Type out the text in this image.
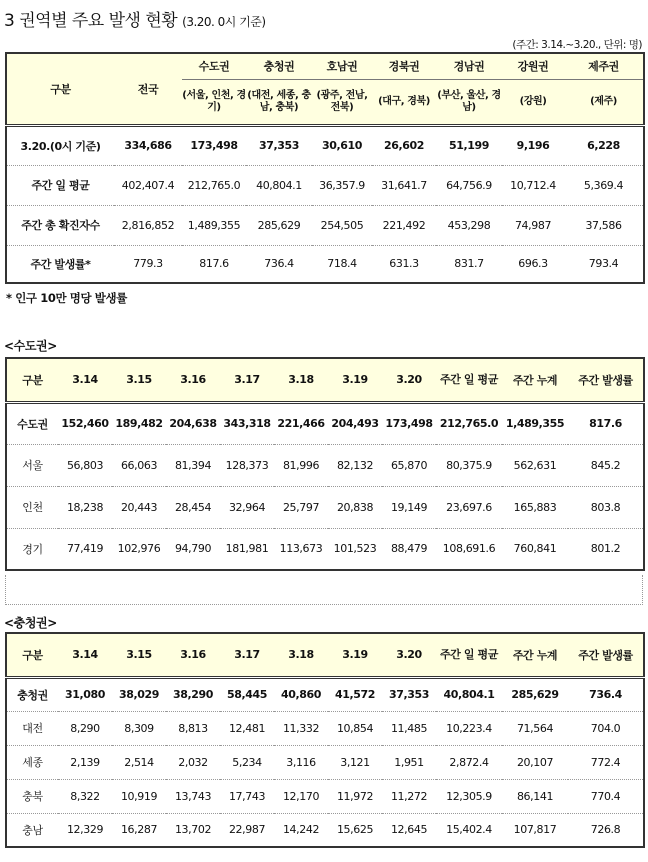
3 권역별 주요 발생 현황 (3.20. 0시 기준)
(주간: 3.14.~3.20., 단위: 명)
구분	전국	수도권	충청권	호남권	경북권	경남권	강원권	제주권
		(서울, 인천, 경기)	(대전, 세종, 충남, 충북)	(광주, 전남, 전북)	(대구, 경북)	(부산, 울산, 경남)	(강원)	(제주)
3.20.(0시 기준)	334,686	173,498	37,353	30,610	26,602	51,199	9,196	6,228
주간 일 평균	402,407.4	212,765.0	40,804.1	36,357.9	31,641.7	64,756.9	10,712.4	5,369.4
주간 총 확진자수	2,816,852	1,489,355	285,629	254,505	221,492	453,298	74,987	37,586
주간 발생률*	779.3	817.6	736.4	718.4	631.3	831.7	696.3	793.4
* 인구 10만 명당 발생률
<수도권>
구분	3.14	3.15	3.16	3.17	3.18	3.19	3.20	주간 일 평균	주간 누계	주간 발생률
수도권	152,460	189,482	204,638	343,318	221,466	204,493	173,498	212,765.0	1,489,355	817.6
서울	56,803	66,063	81,394	128,373	81,996	82,132	65,870	80,375.9	562,631	845.2
인천	18,238	20,443	28,454	32,964	25,797	20,838	19,149	23,697.6	165,883	803.8
경기	77,419	102,976	94,790	181,981	113,673	101,523	88,479	108,691.6	760,841	801.2
<충청권>
구분	3.14	3.15	3.16	3.17	3.18	3.19	3.20	주간 일 평균	주간 누계	주간 발생률
충청권	31,080	38,029	38,290	58,445	40,860	41,572	37,353	40,804.1	285,629	736.4
대전	8,290	8,309	8,813	12,481	11,332	10,854	11,485	10,223.4	71,564	704.0
세종	2,139	2,514	2,032	5,234	3,116	3,121	1,951	2,872.4	20,107	772.4
충북	8,322	10,919	13,743	17,743	12,170	11,972	11,272	12,305.9	86,141	770.4
충남	12,329	16,287	13,702	22,987	14,242	15,625	12,645	15,402.4	107,817	726.8
